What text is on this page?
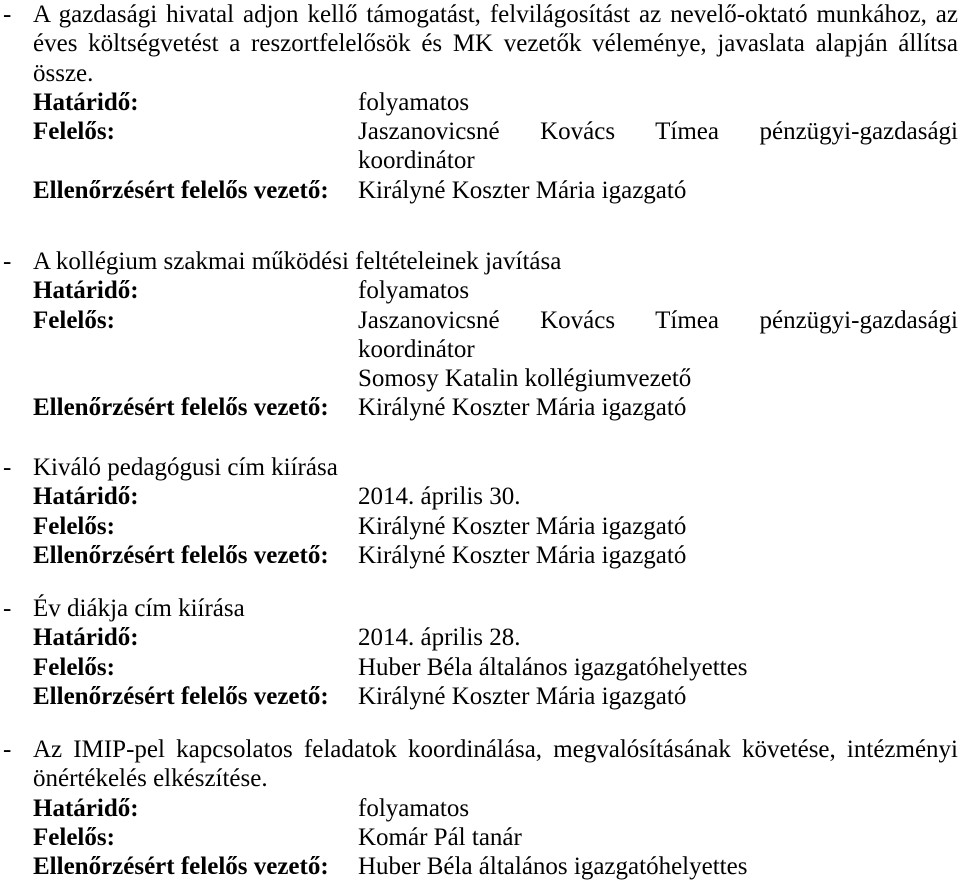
- A gazdasági hivatal adjon kellő támogatást, felvilágosítást az nevelő-oktató munkához, az
éves költségvetést a reszortfelelősök és MK vezetők véleménye, javaslata alapján állítsa
össze.
Határidő:	folyamatos
Felelős:	Jaszanovicsné Kovács Tímea pénzügyi-gazdasági
koordinátor
Ellenőrzésért felelős vezető:	Királyné Koszter Mária igazgató
- A kollégium szakmai működési feltételeinek javítása
Határidő:	folyamatos
Felelős:	Jaszanovicsné Kovács Tímea pénzügyi-gazdasági
koordinátor
Somosy Katalin kollégiumvezető
Ellenőrzésért felelős vezető:	Királyné Koszter Mária igazgató
- Kiváló pedagógusi cím kiírása
Határidő:	2014. április 30.
Felelős:	Királyné Koszter Mária igazgató
Ellenőrzésért felelős vezető:	Királyné Koszter Mária igazgató
- Év diákja cím kiírása
Határidő:	2014. április 28.
Felelős:	Huber Béla általános igazgatóhelyettes
Ellenőrzésért felelős vezető:	Királyné Koszter Mária igazgató
- Az IMIP-pel kapcsolatos feladatok koordinálása, megvalósításának követése, intézményi
önértékelés elkészítése.
Határidő:	folyamatos
Felelős:	Komár Pál tanár
Ellenőrzésért felelős vezető:	Huber Béla általános igazgatóhelyettes
